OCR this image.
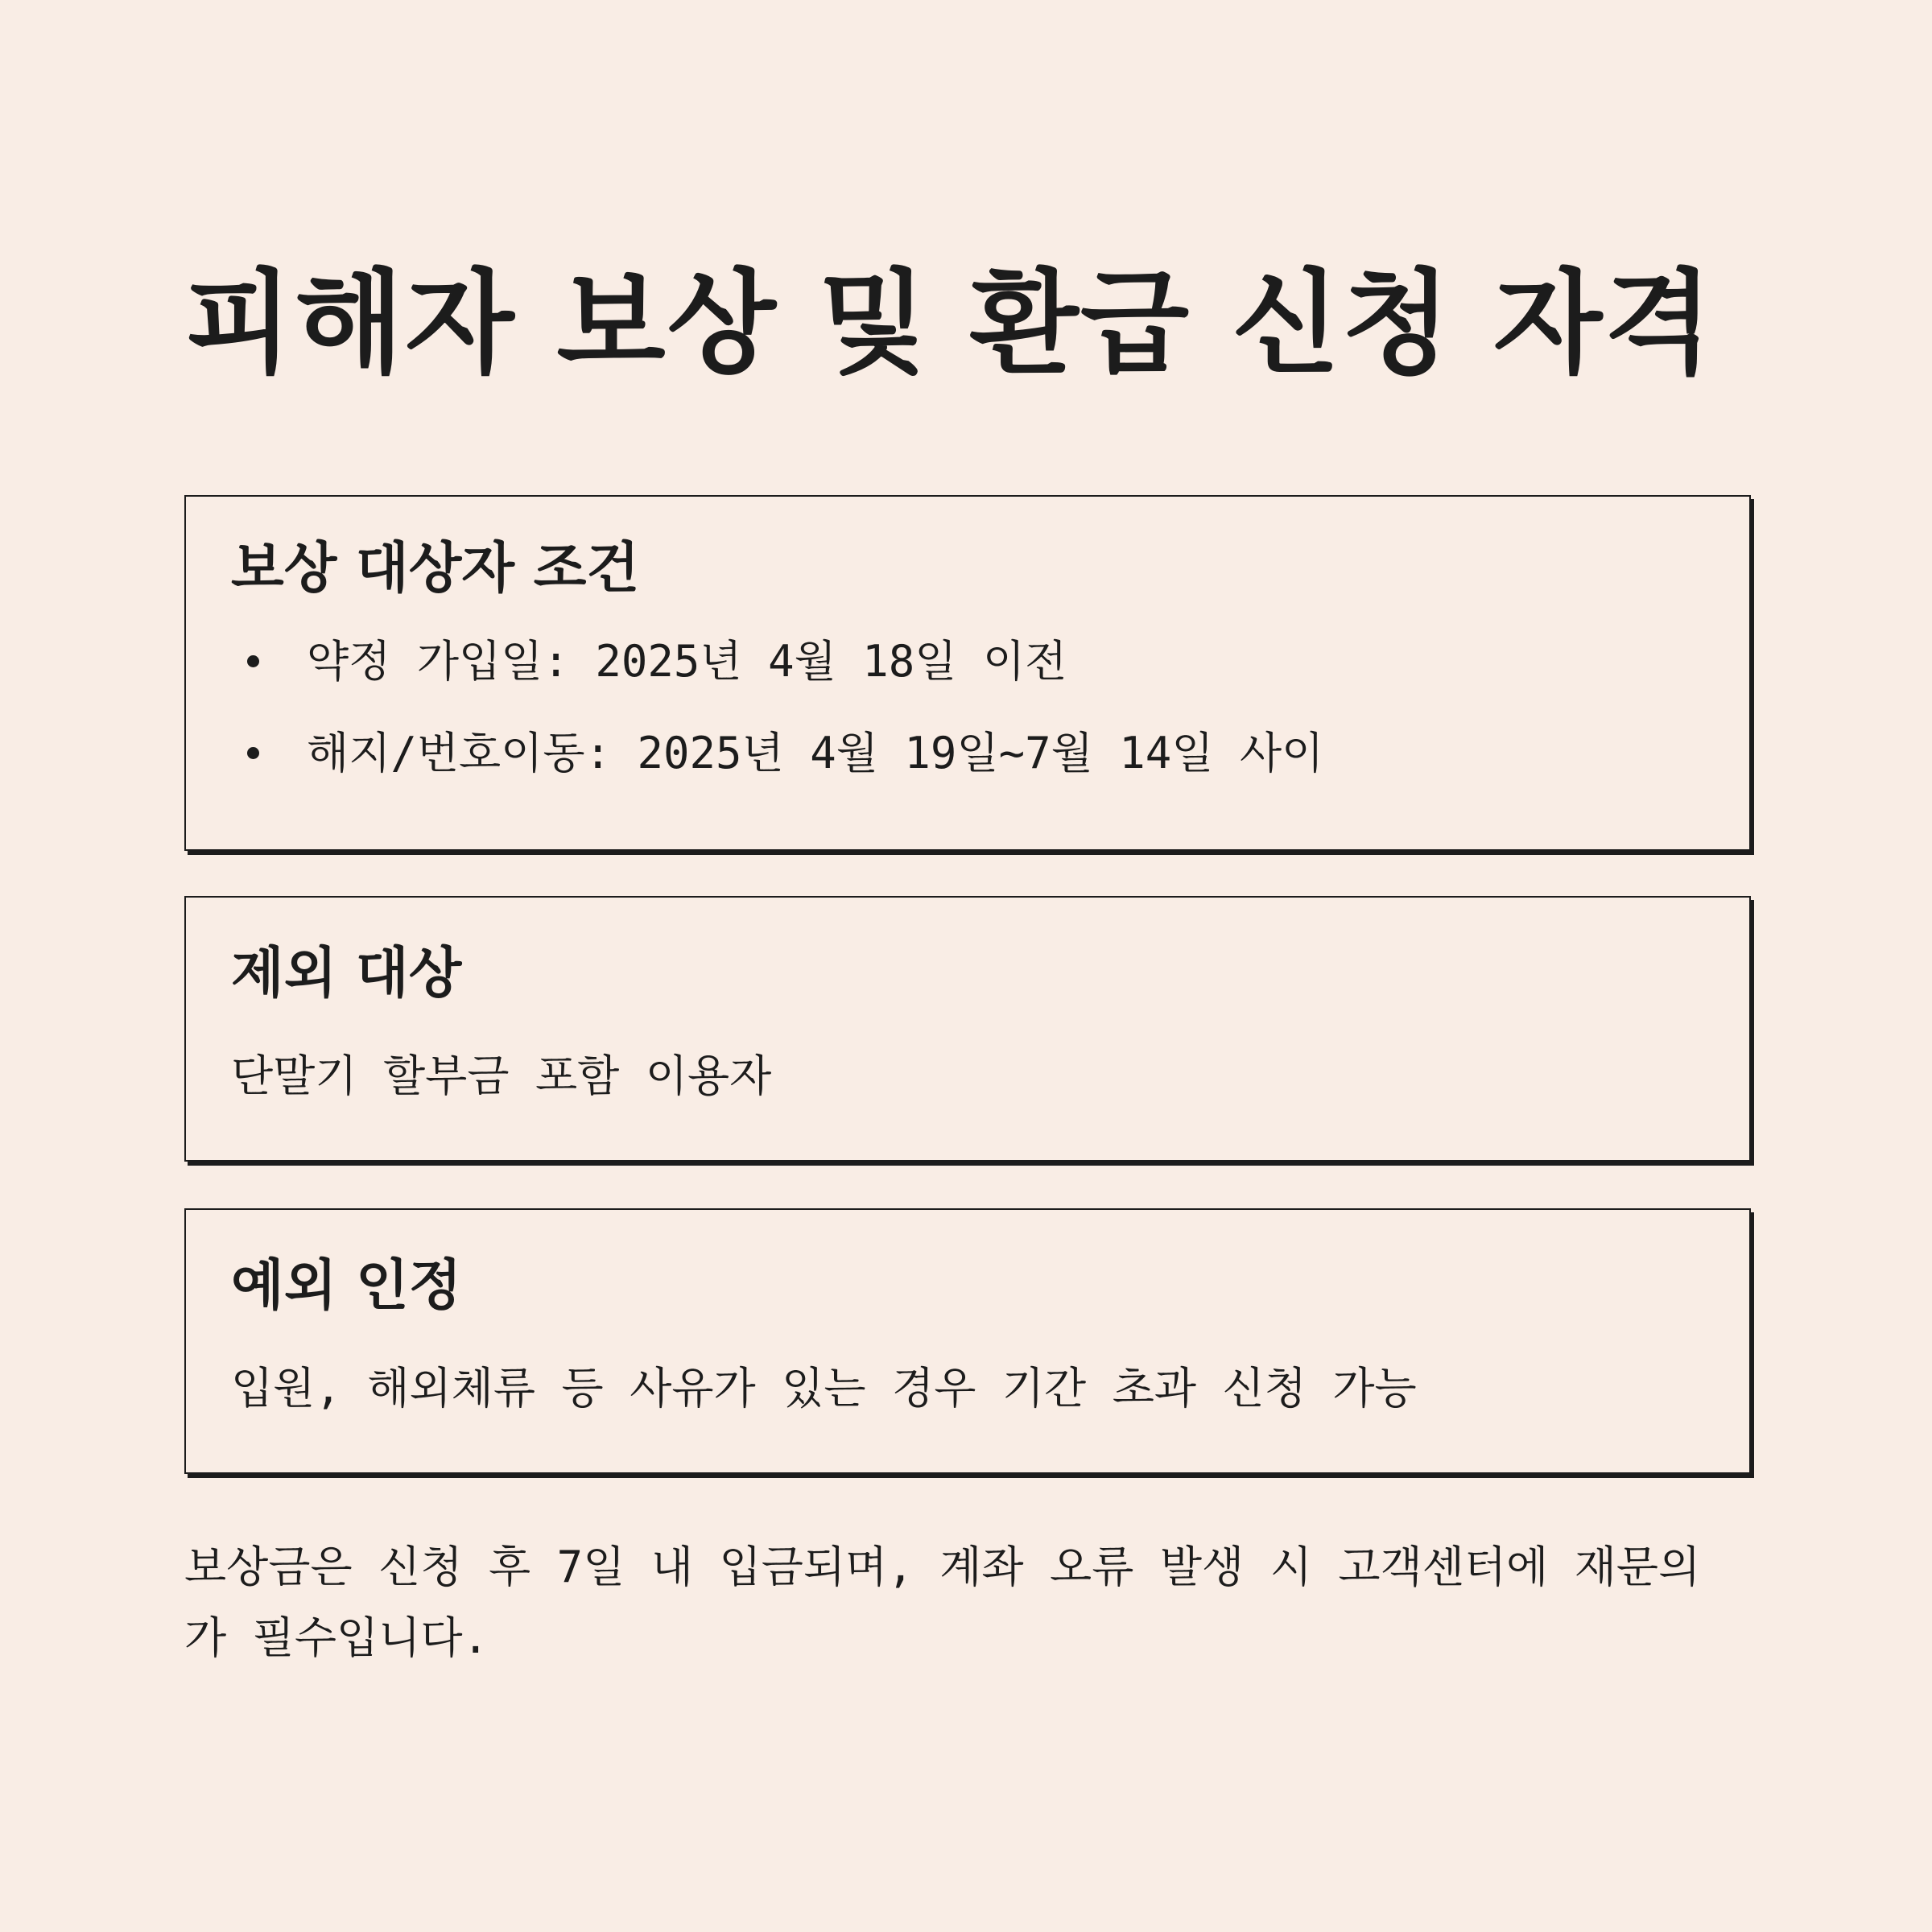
피해자 보상 및 환급 신청 자격
보상 대상자 조건
약정 가입일: 2025년 4월 18일 이전
해지/번호이동: 2025년 4월 19일~7월 14일 사이
제외 대상

단말기 할부금 포함 이용자

예외 인정

입원, 해외체류 등 사유가 있는 경우 기간 초과 신청 가능

보상금은 신청 후 7일 내 입금되며, 계좌 오류 발생 시 고객센터에 재문의가 필수입니다.
